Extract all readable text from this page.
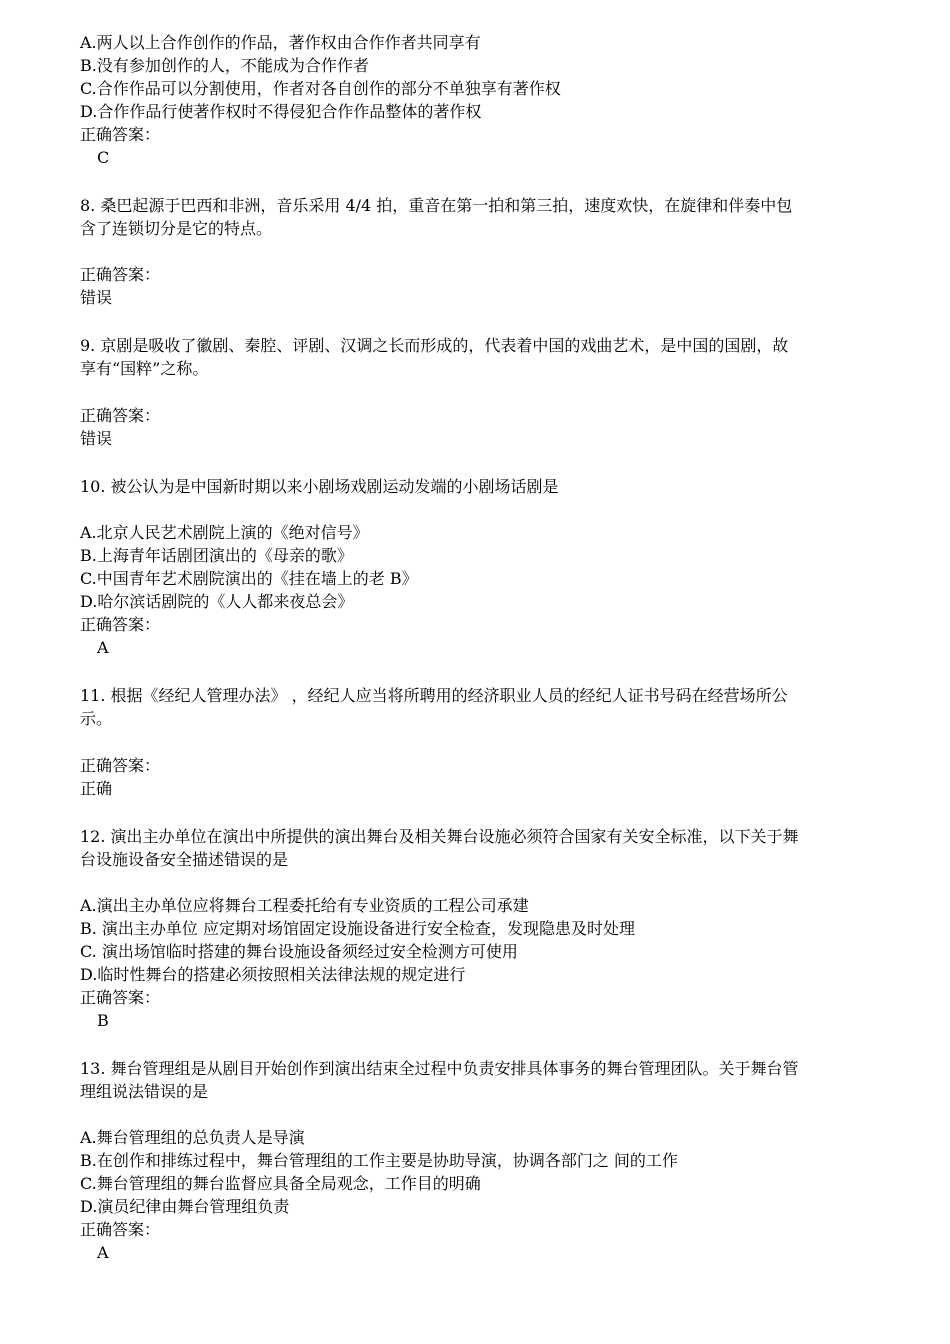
A.两人以上合作创作的作品，著作权由合作作者共同享有
B.没有参加创作的人，不能成为合作作者
C.合作作品可以分割使用，作者对各自创作的部分不单独享有著作权
D.合作作品行使著作权时不得侵犯合作作品整体的著作权
正确答案：
C
8. 桑巴起源于巴西和非洲，音乐采用 4/4 拍，重音在第一拍和第三拍，速度欢快，在旋律和伴奏中包
含了连锁切分是它的特点。
正确答案：
错误
9. 京剧是吸收了徽剧、秦腔、评剧、汉调之长而形成的，代表着中国的戏曲艺术，是中国的国剧，故
享有“国粹”之称。
正确答案：
错误
10. 被公认为是中国新时期以来小剧场戏剧运动发端的小剧场话剧是
A.北京人民艺术剧院上演的《绝对信号》
B.上海青年话剧团演出的《母亲的歌》
C.中国青年艺术剧院演出的《挂在墙上的老 B》
D.哈尔滨话剧院的《人人都来夜总会》
正确答案：
A
11. 根据《经纪人管理办法》 ，经纪人应当将所聘用的经济职业人员的经纪人证书号码在经营场所公
示。
正确答案：
正确
12. 演出主办单位在演出中所提供的演出舞台及相关舞台设施必须符合国家有关安全标准，以下关于舞
台设施设备安全描述错误的是
A.演出主办单位应将舞台工程委托给有专业资质的工程公司承建
B. 演出主办单位 应定期对场馆固定设施设备进行安全检查，发现隐患及时处理
C. 演出场馆临时搭建的舞台设施设备须经过安全检测方可使用
D.临时性舞台的搭建必须按照相关法律法规的规定进行
正确答案：
B
13. 舞台管理组是从剧目开始创作到演出结束全过程中负责安排具体事务的舞台管理团队。关于舞台管
理组说法错误的是
A.舞台管理组的总负责人是导演
B.在创作和排练过程中，舞台管理组的工作主要是协助导演，协调各部门之 间的工作
C.舞台管理组的舞台监督应具备全局观念，工作目的明确
D.演员纪律由舞台管理组负责
正确答案：
A
